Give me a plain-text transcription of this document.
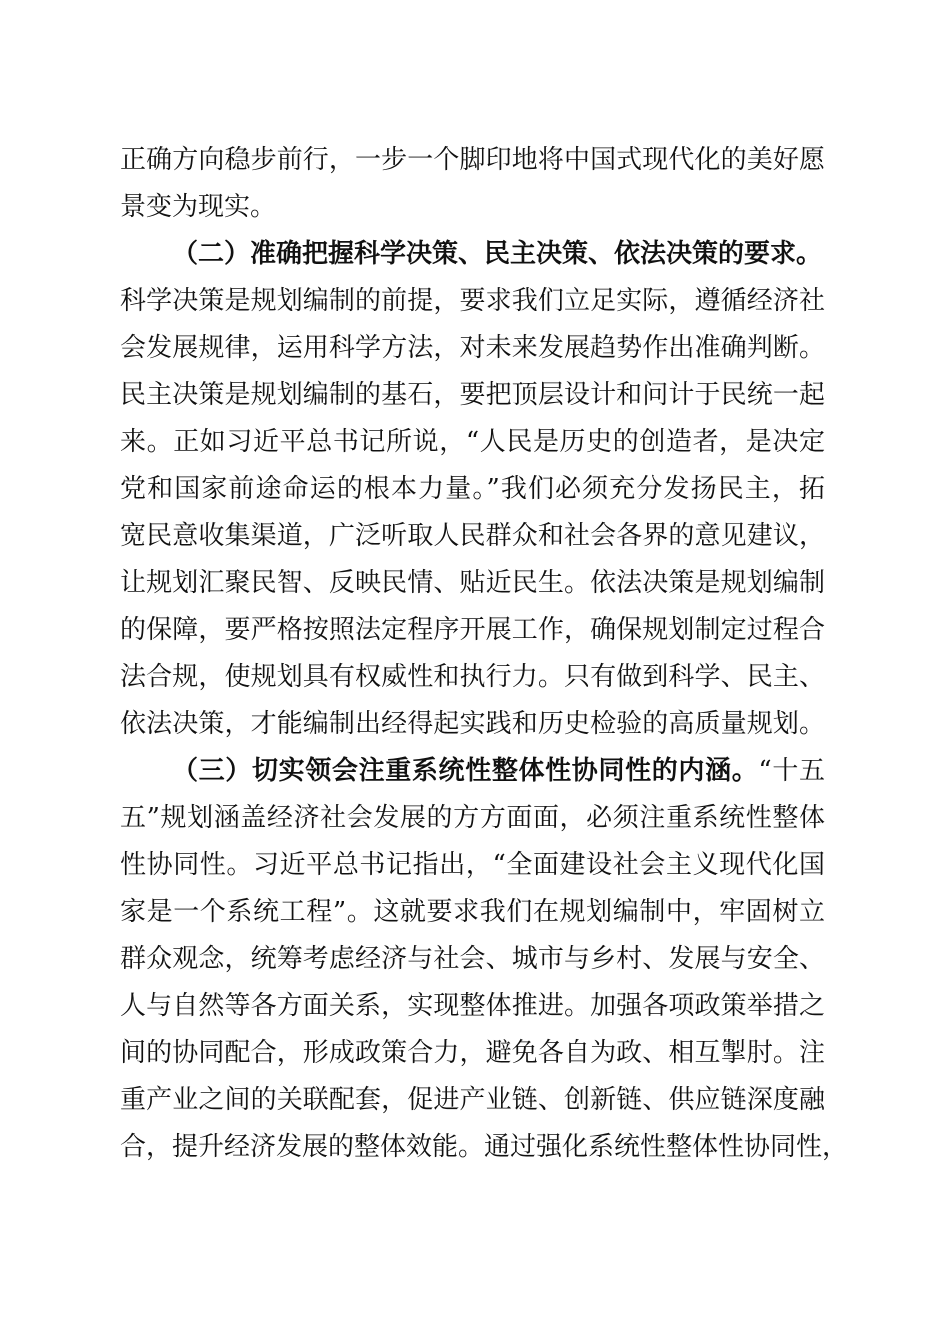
正确方向稳步前行，一步一个脚印地将中国式现代化的美好愿
景变为现实。
（二）准确把握科学决策、民主决策、依法决策的要求。
科学决策是规划编制的前提，要求我们立足实际，遵循经济社
会发展规律，运用科学方法，对未来发展趋势作出准确判断。
民主决策是规划编制的基石，要把顶层设计和问计于民统一起
来。正如习近平总书记所说，“人民是历史的创造者，是决定
党和国家前途命运的根本力量。”我们必须充分发扬民主，拓
宽民意收集渠道，广泛听取人民群众和社会各界的意见建议，
让规划汇聚民智、反映民情、贴近民生。依法决策是规划编制
的保障，要严格按照法定程序开展工作，确保规划制定过程合
法合规，使规划具有权威性和执行力。只有做到科学、民主、
依法决策，才能编制出经得起实践和历史检验的高质量规划。
（三）切实领会注重系统性整体性协同性的内涵。“十五
五”规划涵盖经济社会发展的方方面面，必须注重系统性整体
性协同性。习近平总书记指出，“全面建设社会主义现代化国
家是一个系统工程”。这就要求我们在规划编制中，牢固树立
群众观念，统筹考虑经济与社会、城市与乡村、发展与安全、
人与自然等各方面关系，实现整体推进。加强各项政策举措之
间的协同配合，形成政策合力，避免各自为政、相互掣肘。注
重产业之间的关联配套，促进产业链、创新链、供应链深度融
合，提升经济发展的整体效能。通过强化系统性整体性协同性，
